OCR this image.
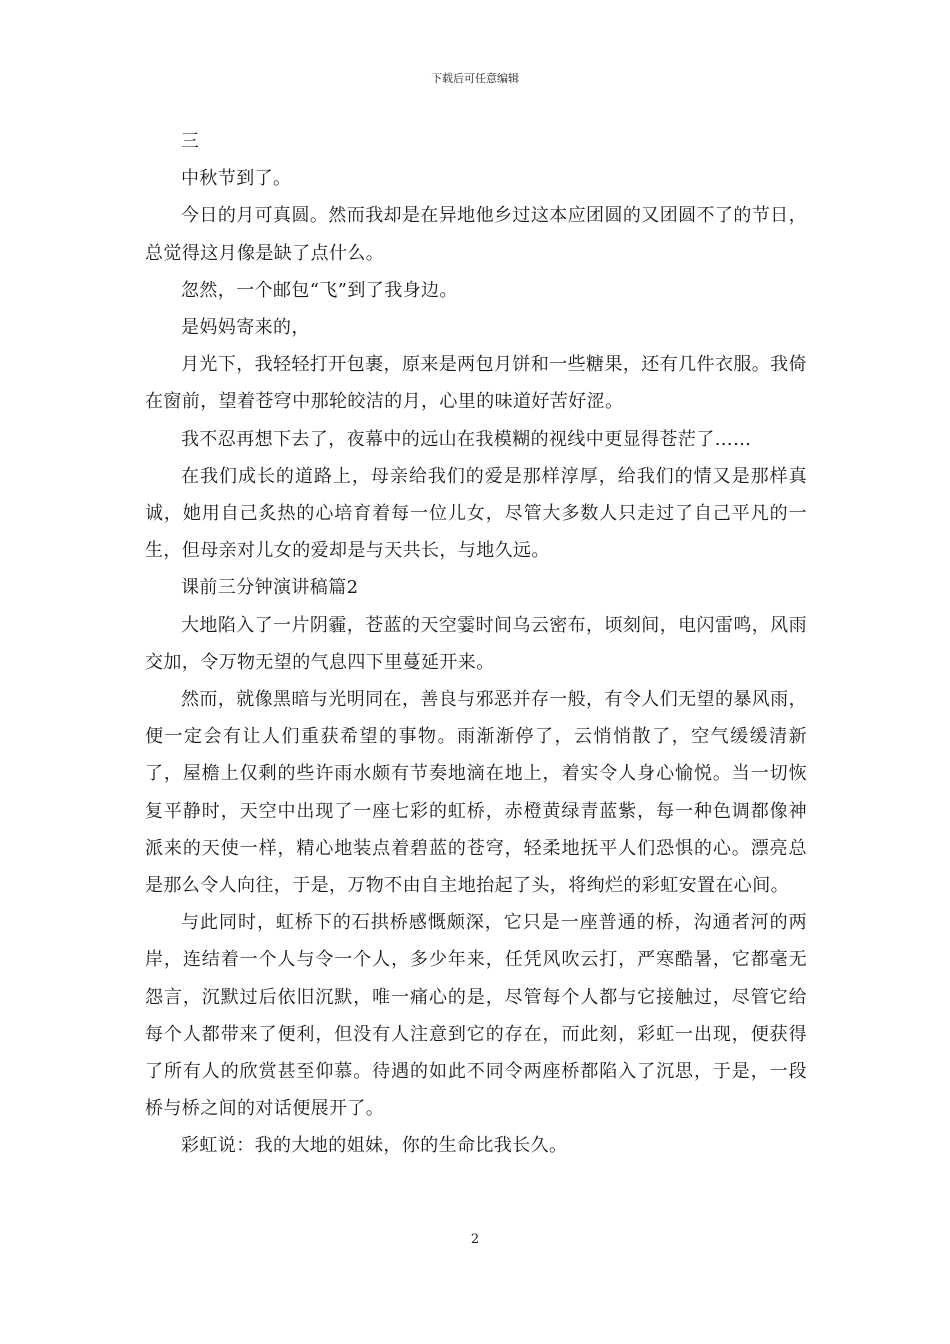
下载后可任意编辑

三

中秋节到了。

今日的月可真圆。然而我却是在异地他乡过这本应团圆的又团圆不了的节日，总觉得这月像是缺了点什么。

忽然，一个邮包“飞”到了我身边。

是妈妈寄来的，

月光下，我轻轻打开包裹，原来是两包月饼和一些糖果，还有几件衣服。我倚在窗前，望着苍穹中那轮皎洁的月，心里的味道好苦好涩。

我不忍再想下去了，夜幕中的远山在我模糊的视线中更显得苍茫了……

在我们成长的道路上，母亲给我们的爱是那样淳厚，给我们的情又是那样真诚，她用自己炙热的心培育着每一位儿女，尽管大多数人只走过了自己平凡的一生，但母亲对儿女的爱却是与天共长，与地久远。

课前三分钟演讲稿篇2

大地陷入了一片阴霾，苍蓝的天空霎时间乌云密布，顷刻间，电闪雷鸣，风雨交加，令万物无望的气息四下里蔓延开来。

然而，就像黑暗与光明同在，善良与邪恶并存一般，有令人们无望的暴风雨，便一定会有让人们重获希望的事物。雨渐渐停了，云悄悄散了，空气缓缓清新了，屋檐上仅剩的些许雨水颇有节奏地滴在地上，着实令人身心愉悦。当一切恢复平静时，天空中出现了一座七彩的虹桥，赤橙黄绿青蓝紫，每一种色调都像神派来的天使一样，精心地装点着碧蓝的苍穹，轻柔地抚平人们恐惧的心。漂亮总是那么令人向往，于是，万物不由自主地抬起了头，将绚烂的彩虹安置在心间。

与此同时，虹桥下的石拱桥感慨颇深，它只是一座普通的桥，沟通者河的两岸，连结着一个人与令一个人，多少年来，任凭风吹云打，严寒酷暑，它都毫无怨言，沉默过后依旧沉默，唯一痛心的是，尽管每个人都与它接触过，尽管它给每个人都带来了便利，但没有人注意到它的存在，而此刻，彩虹一出现，便获得了所有人的欣赏甚至仰慕。待遇的如此不同令两座桥都陷入了沉思，于是，一段桥与桥之间的对话便展开了。

彩虹说：我的大地的姐妹，你的生命比我长久。

2
